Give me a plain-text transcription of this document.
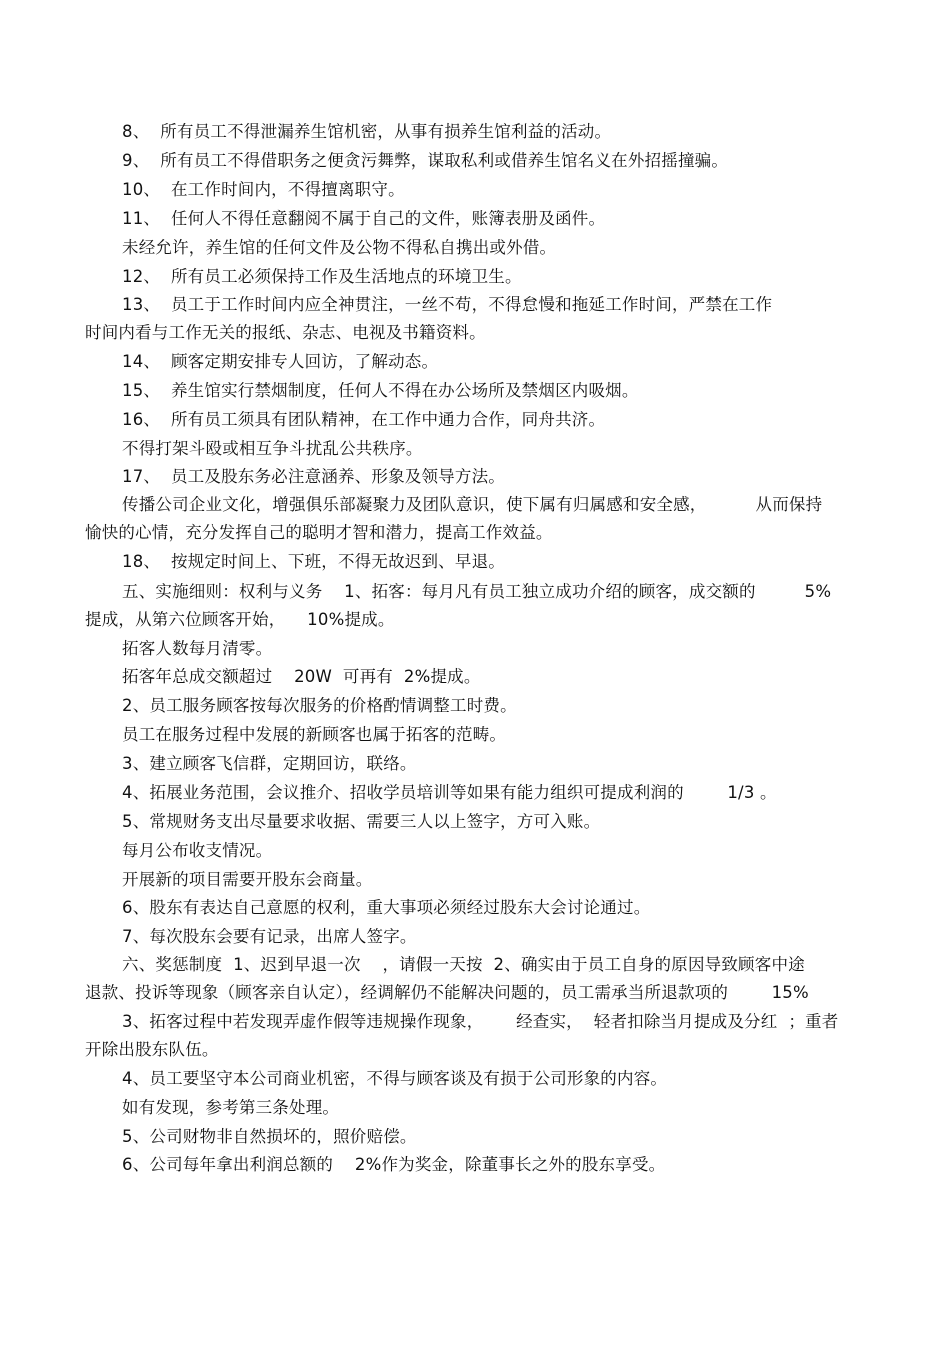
8、  所有员工不得泄漏养生馆机密，从事有损养生馆利益的活动。
9、  所有员工不得借职务之便贪污舞弊，谋取私利或借养生馆名义在外招摇撞骗。
10、  在工作时间内，不得擅离职守。
11、  任何人不得任意翻阅不属于自己的文件，账簿表册及函件。
未经允许，养生馆的任何文件及公物不得私自携出或外借。
12、  所有员工必须保持工作及生活地点的环境卫生。
13、  员工于工作时间内应全神贯注，一丝不苟，不得怠慢和拖延工作时间，严禁在工作
时间内看与工作无关的报纸、杂志、电视及书籍资料。
14、  顾客定期安排专人回访，了解动态。
15、  养生馆实行禁烟制度，任何人不得在办公场所及禁烟区内吸烟。
16、  所有员工须具有团队精神，在工作中通力合作，同舟共济。
不得打架斗殴或相互争斗扰乱公共秩序。
17、  员工及股东务必注意涵养、形象及领导方法。
传播公司企业文化，增强俱乐部凝聚力及团队意识，使下属有归属感和安全感，         从而保持
愉快的心情，充分发挥自己的聪明才智和潜力，提高工作效益。
18、  按规定时间上、下班，不得无故迟到、早退。
五、实施细则：权利与义务    1、拓客：每月凡有员工独立成功介绍的顾客，成交额的         5%
提成，从第六位顾客开始，    10%提成。
拓客人数每月清零。
拓客年总成交额超过    20W  可再有  2%提成。
2、员工服务顾客按每次服务的价格酌情调整工时费。
员工在服务过程中发展的新顾客也属于拓客的范畴。
3、建立顾客飞信群，定期回访，联络。
4、拓展业务范围，会议推介、招收学员培训等如果有能力组织可提成利润的        1/3 。
5、常规财务支出尽量要求收据、需要三人以上签字，方可入账。
每月公布收支情况。
开展新的项目需要开股东会商量。
6、股东有表达自己意愿的权利，重大事项必须经过股东大会讨论通过。
7、每次股东会要有记录，出席人签字。
六、奖惩制度  1、迟到早退一次    ，请假一天按  2、确实由于员工自身的原因导致顾客中途
退款、投诉等现象（顾客亲自认定），经调解仍不能解决问题的，员工需承当所退款项的        15%
3、拓客过程中若发现弄虚作假等违规操作现象，      经查实，  轻者扣除当月提成及分红  ；重者
开除出股东队伍。
4、员工要坚守本公司商业机密，不得与顾客谈及有损于公司形象的内容。
如有发现，参考第三条处理。
5、公司财物非自然损坏的，照价赔偿。
6、公司每年拿出利润总额的    2%作为奖金，除董事长之外的股东享受。
